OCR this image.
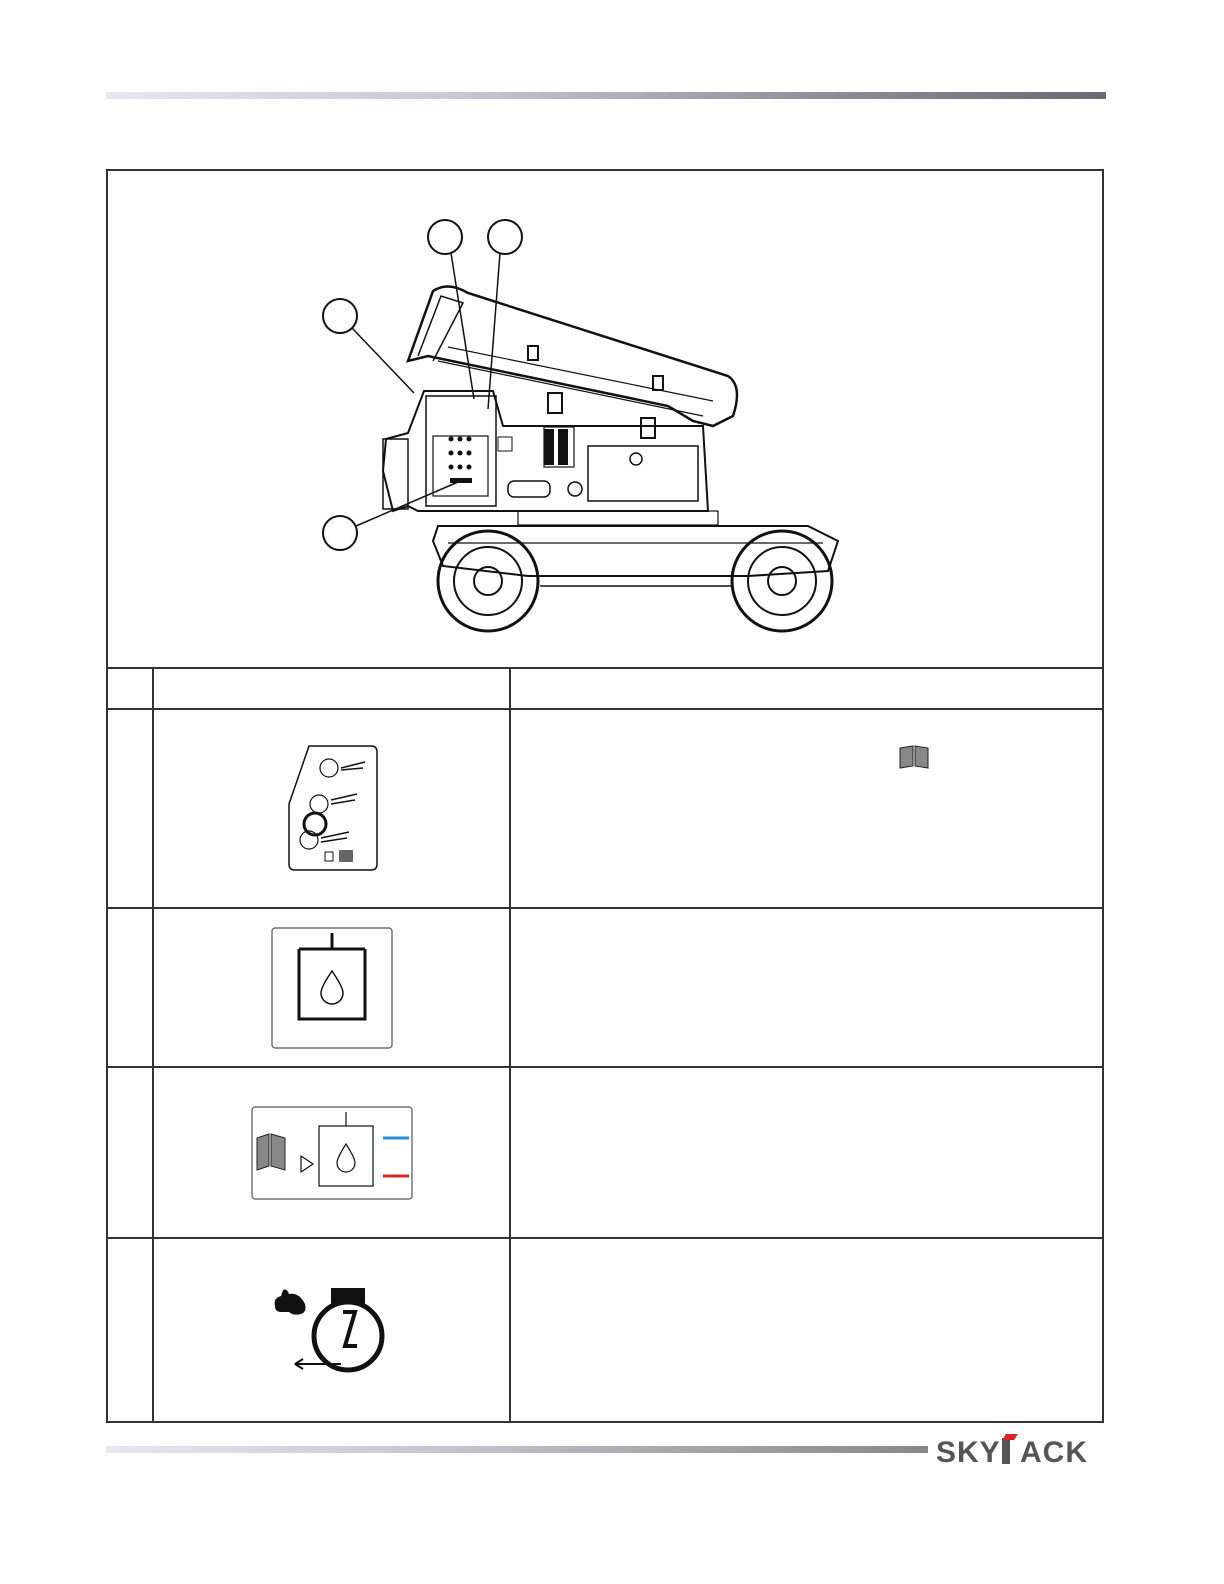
SKY ACK
